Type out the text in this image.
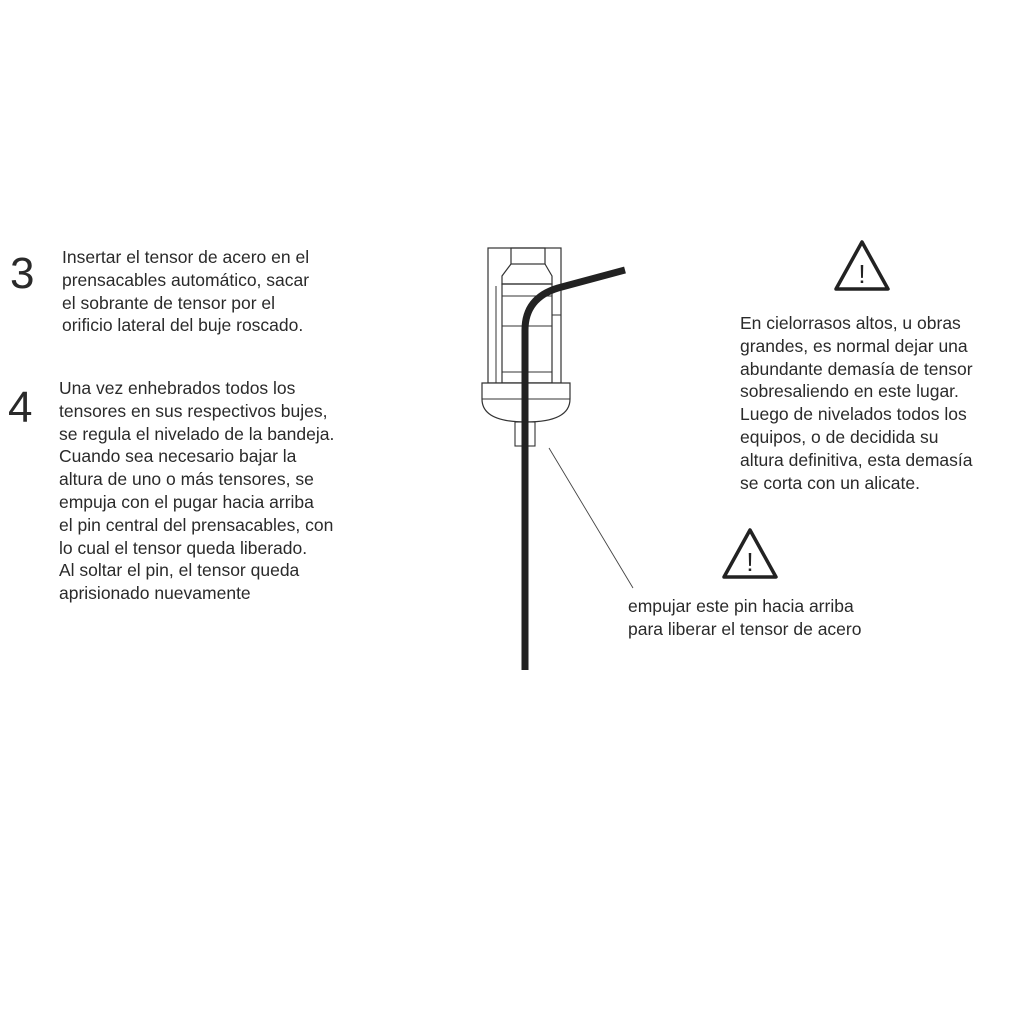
3 Insertar el tensor de acero en el
prensacables automático, sacar
el sobrante de tensor por el
orificio lateral del buje roscado.
4 Una vez enhebrados todos los
tensores en sus respectivos bujes,
se regula el nivelado de la bandeja.
Cuando sea necesario bajar la
altura de uno o más tensores, se
empuja con el pugar hacia arriba
el pin central del prensacables, con
lo cual el tensor queda liberado.
Al soltar el pin, el tensor queda
aprisionado nuevamente
!
!
En cielorrasos altos, u obras
grandes, es normal dejar una
abundante demasía de tensor
sobresaliendo en este lugar.
Luego de nivelados todos los
equipos, o de decidida su
altura definitiva, esta demasía
se corta con un alicate.
empujar este pin hacia arriba
para liberar el tensor de acero
